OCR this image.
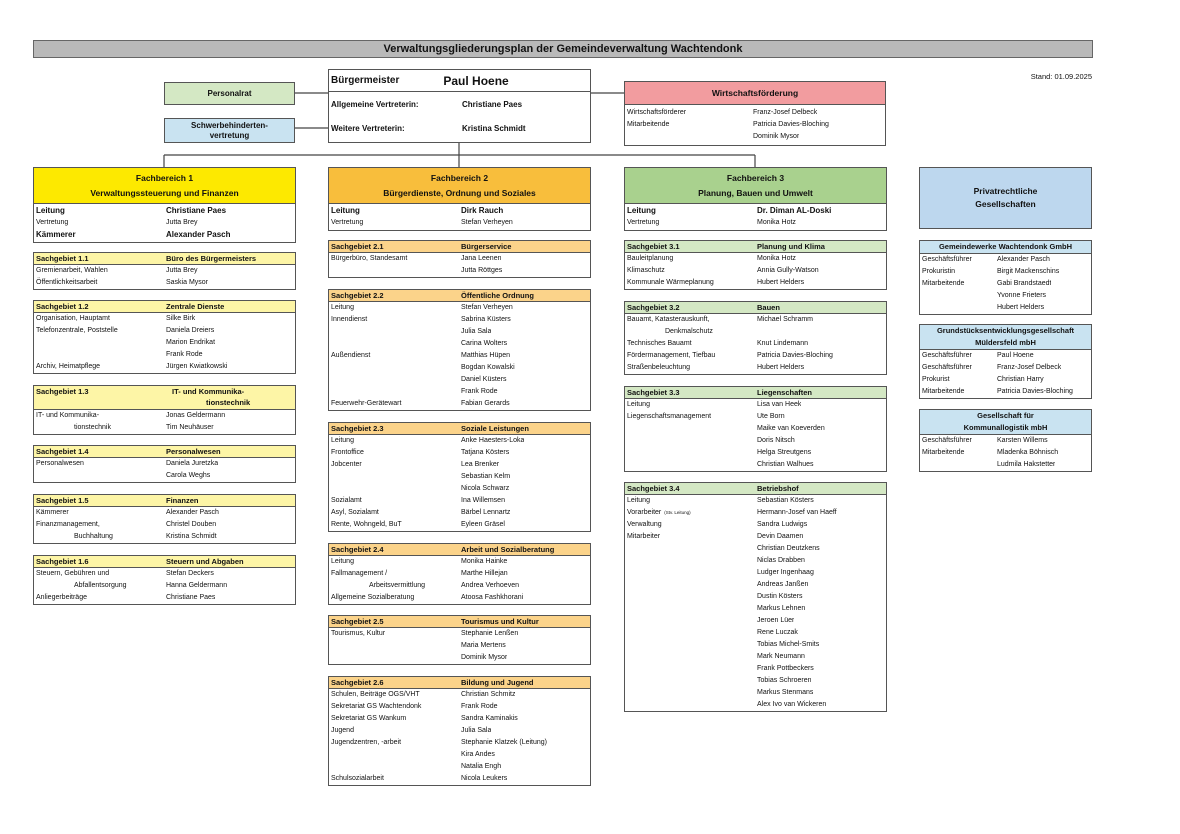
Verwaltungsgliederungsplan der Gemeindeverwaltung Wachtendonk
Stand: 01.09.2025
Personalrat
Schwerbehinderten-
vertretung
Bürgermeister	Paul Hoene
Allgemeine Vertreterin:	Christiane Paes
Weitere Vertreterin:	Kristina Schmidt
Wirtschaftsförderung
Wirtschaftsförderer	Franz-Josef Delbeck
Mitarbeitende	Patricia Davies-Bloching
Dominik Mysor
Fachbereich 1
Verwaltungssteuerung und Finanzen
Leitung	Christiane Paes
Vertretung	Jutta Brey
Kämmerer	Alexander Pasch
Fachbereich 2
Bürgerdienste, Ordnung und Soziales
Leitung	Dirk Rauch
Vertretung	Stefan Verheyen
Fachbereich 3
Planung, Bauen und Umwelt
Leitung	Dr. Diman AL-Doski
Vertretung	Monika Hotz
Sachgebiet 1.1	Büro des Bürgermeisters
Gremienarbeit, Wahlen	Jutta Brey
Öffentlichkeitsarbeit	Saskia Mysor
Sachgebiet 1.2	Zentrale Dienste
Organisation, Hauptamt	Silke Birk
Telefonzentrale, Poststelle	Daniela Dreiers
Marion Endrikat
Frank Rode
Archiv, Heimatpflege	Jürgen Kwiatkowski
Sachgebiet 1.3	IT- und Kommunika-
tionstechnik
IT- und Kommunika-	Jonas Geldermann
tionstechnik	Tim Neuhäuser
Sachgebiet 1.4	Personalwesen
Personalwesen	Daniela Juretzka
Carola Weghs
Sachgebiet 1.5	Finanzen
Kämmerer	Alexander Pasch
Finanzmanagement,	Christel Douben
Buchhaltung	Kristina Schmidt
Sachgebiet 1.6	Steuern und Abgaben
Steuern, Gebühren und	Stefan Deckers
Abfallentsorgung	Hanna Geldermann
Anliegerbeiträge	Christiane Paes
Sachgebiet 2.1	Bürgerservice
Bürgerbüro, Standesamt	Jana Leenen
Jutta Röttges
Sachgebiet 2.2	Öffentliche Ordnung
Leitung	Stefan Verheyen
Innendienst	Sabrina Küsters
Julia Sala
Carina Wolters
Außendienst	Matthias Hüpen
Bogdan Kowalski
Daniel Küsters
Frank Rode
Feuerwehr-Gerätewart	Fabian Gerards
Sachgebiet 2.3	Soziale Leistungen
Leitung	Anke Haesters-Loka
Frontoffice	Tatjana Kösters
Jobcenter	Lea Brenker
Sebastian Kelm
Nicola Schwarz
Sozialamt	Ina Willemsen
Asyl, Sozialamt	Bärbel Lennartz
Rente, Wohngeld, BuT	Eyleen Gräsel
Sachgebiet 2.4	Arbeit und Sozialberatung
Leitung	Monika Hainke
Fallmanagement /	Marthe Hillejan
Arbeitsvermittlung	Andrea Verhoeven
Allgemeine Sozialberatung	Atoosa Fashkhorani
Sachgebiet 2.5	Tourismus und Kultur
Tourismus, Kultur	Stephanie Lenßen
Maria Mertens
Dominik Mysor
Sachgebiet 2.6	Bildung und Jugend
Schulen, Beiträge OGS/VHT	Christian Schmitz
Sekretariat GS Wachtendonk	Frank Rode
Sekretariat GS Wankum	Sandra Kaminakis
Jugend	Julia Sala
Jugendzentren, -arbeit	Stephanie Klatzek (Leitung)
Kira Andes
Natalia Engh
Schulsozialarbeit	Nicola Leukers
Sachgebiet 3.1	Planung und Klima
Bauleitplanung	Monika Hotz
Klimaschutz	Annia Gully-Watson
Kommunale Wärmeplanung	Hubert Helders
Sachgebiet 3.2	Bauen
Bauamt, Katasterauskunft,	Michael Schramm
Denkmalschutz
Technisches Bauamt	Knut Lindemann
Fördermanagement, Tiefbau	Patricia Davies-Bloching
Straßenbeleuchtung	Hubert Helders
Sachgebiet 3.3	Liegenschaften
Leitung	Lisa van Heek
Liegenschaftsmanagement	Ute Born
Maike van Koeverden
Doris Nitsch
Helga Streutgens
Christian Walhues
Sachgebiet 3.4	Betriebshof
Leitung	Sebastian Kösters
Vorarbeiter (Stv. Leitung)	Hermann-Josef van Haeff
Verwaltung	Sandra Ludwigs
Mitarbeiter	Devin Daamen
Christian Deutzkens
Niclas Drabben
Ludger Ingenhaag
Andreas Janßen
Dustin Kösters
Markus Lehnen
Jeroen Lüer
Rene Luczak
Tobias Michel-Smits
Mark Neumann
Frank Pottbeckers
Tobias Schroeren
Markus Stenmans
Alex Ivo van Wickeren
Privatrechtliche
Gesellschaften
Gemeindewerke Wachtendonk GmbH
Geschäftsführer	Alexander Pasch
Prokuristin	Birgit Mackenschins
Mitarbeitende	Gabi Brandstaedt
Yvonne Frieters
Hubert Helders
Grundstücksentwicklungsgesellschaft
Müldersfeld mbH
Geschäftsführer	Paul Hoene
Geschäftsführer	Franz-Josef Delbeck
Prokurist	Christian Harry
Mitarbeitende	Patricia Davies-Bloching
Gesellschaft für
Kommunallogistik mbH
Geschäftsführer	Karsten Willems
Mitarbeitende	Mladenka Böhnisch
Ludmila Hakstetter
